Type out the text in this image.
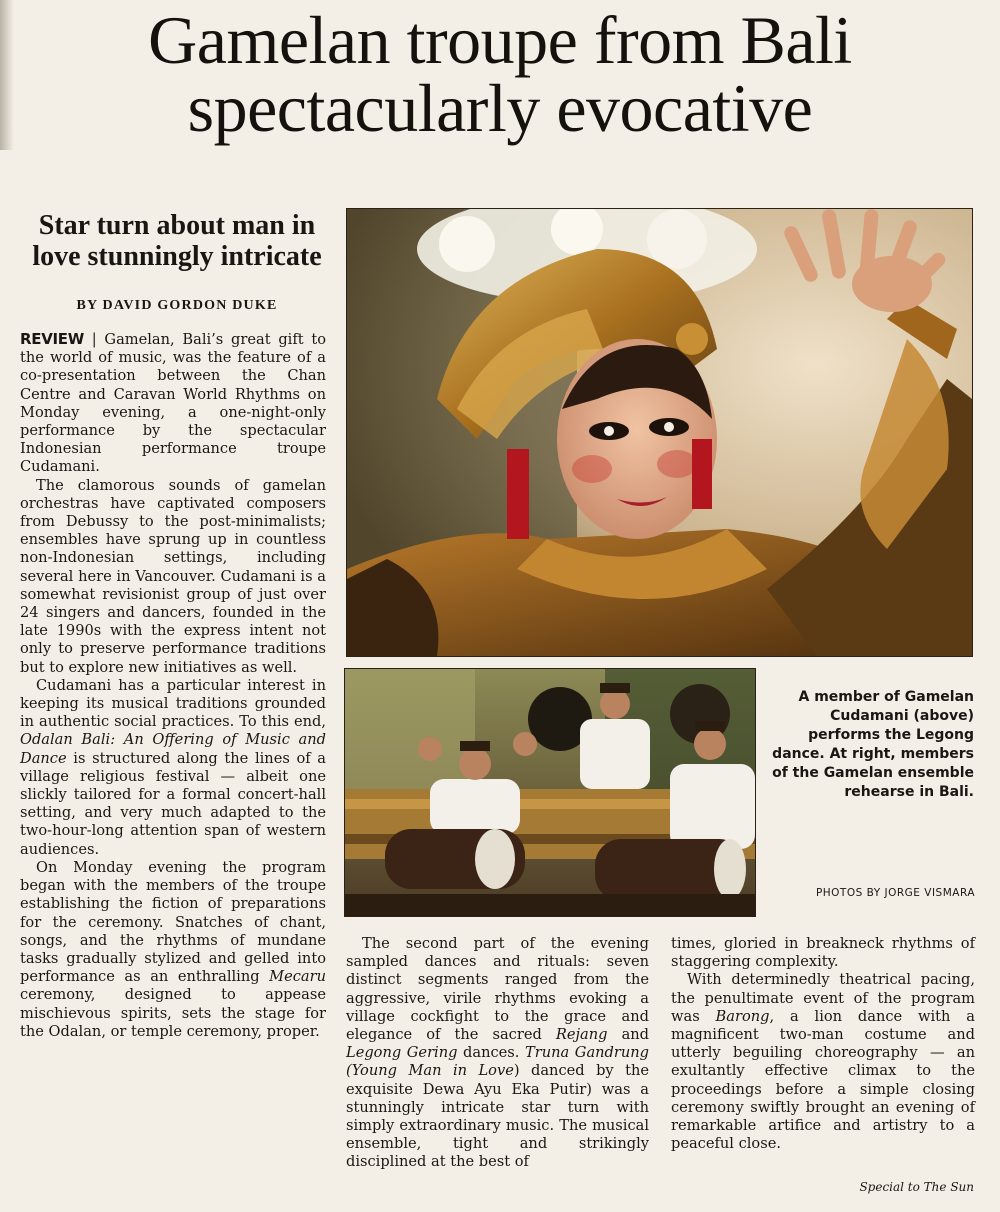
Gamelan troupe from Bali spectacularly evocative
Star turn about man in love stunningly intricate
BY DAVID GORDON DUKE

REVIEW | Gamelan, Bali’s great gift to the world of music, was the feature of a co-presentation between the Chan Centre and Caravan World Rhythms on Monday evening, a one-night-only performance by the spectacular Indonesian performance troupe Cudamani.

The clamorous sounds of gamelan orchestras have captivated composers from Debussy to the post-minimalists; ensembles have sprung up in countless non-Indonesian settings, including several here in Vancouver. Cudamani is a somewhat revisionist group of just over 24 singers and dancers, founded in the late 1990s with the express intent not only to preserve performance traditions but to explore new initiatives as well.

Cudamani has a particular interest in keeping its musical traditions grounded in authentic social practices. To this end, Odalan Bali: An Offering of Music and Dance is structured along the lines of a village religious festival — albeit one slickly tailored for a formal concert-hall setting, and very much adapted to the two-hour-long attention span of western audiences.

On Monday evening the program began with the members of the troupe establishing the fiction of preparations for the ceremony. Snatches of chant, songs, and the rhythms of mundane tasks gradually stylized and gelled into performance as an enthralling Mecaru ceremony, designed to appease mischievous spirits, sets the stage for the Odalan, or temple ceremony, proper.

A member of Gamelan Cudamani (above) performs the Legong dance. At right, members of the Gamelan ensemble rehearse in Bali.
PHOTOS BY JORGE VISMARA

The second part of the evening sampled dances and rituals: seven distinct segments ranged from the aggressive, virile rhythms evoking a village cockfight to the grace and elegance of the sacred Rejang and Legong Gering dances. Truna Gandrung (Young Man in Love) danced by the exquisite Dewa Ayu Eka Putir) was a stunningly intricate star turn with simply extraordinary music. The musical ensemble, tight and strikingly disciplined at the best of

times, gloried in breakneck rhythms of staggering complexity.

With determinedly theatrical pacing, the penultimate event of the program was Barong, a lion dance with a magnificent two-man costume and utterly beguiling choreography — an exultantly effective climax to the proceedings before a simple closing ceremony swiftly brought an evening of remarkable artifice and artistry to a peaceful close.

Special to The Sun
